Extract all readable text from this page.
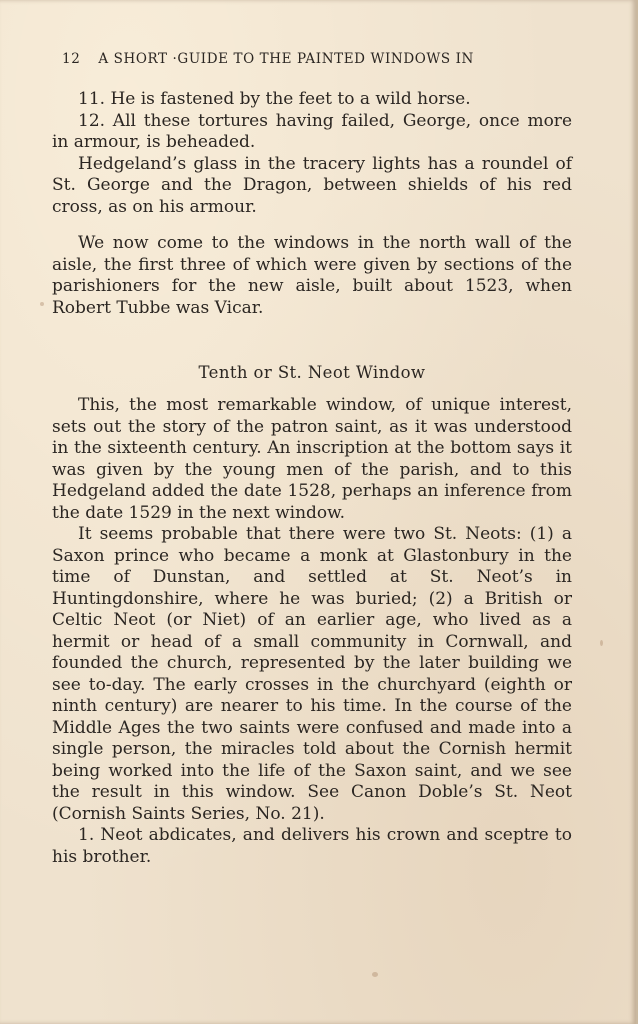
12 A SHORT ·GUIDE TO THE PAINTED WINDOWS IN

11. He is fastened by the feet to a wild horse.

12. All these tortures having failed, George, once more in armour, is beheaded.

Hedgeland’s glass in the tracery lights has a roundel of St. George and the Dragon, between shields of his red cross, as on his armour.

We now come to the windows in the north wall of the aisle, the first three of which were given by sections of the parishioners for the new aisle, built about 1523, when Robert Tubbe was Vicar.

Tenth or St. Neot Window

This, the most remarkable window, of unique interest, sets out the story of the patron saint, as it was understood in the sixteenth century. An inscription at the bottom says it was given by the young men of the parish, and to this Hedgeland added the date 1528, perhaps an inference from the date 1529 in the next window.

It seems probable that there were two St. Neots: (1) a Saxon prince who became a monk at Glastonbury in the time of Dunstan, and settled at St. Neot’s in Huntingdonshire, where he was buried; (2) a British or Celtic Neot (or Niet) of an earlier age, who lived as a hermit or head of a small community in Cornwall, and founded the church, represented by the later building we see to-day. The early crosses in the churchyard (eighth or ninth century) are nearer to his time. In the course of the Middle Ages the two saints were confused and made into a single person, the miracles told about the Cornish hermit being worked into the life of the Saxon saint, and we see the result in this window. See Canon Doble’s St. Neot (Cornish Saints Series, No. 21).

1. Neot abdicates, and delivers his crown and sceptre to his brother.
